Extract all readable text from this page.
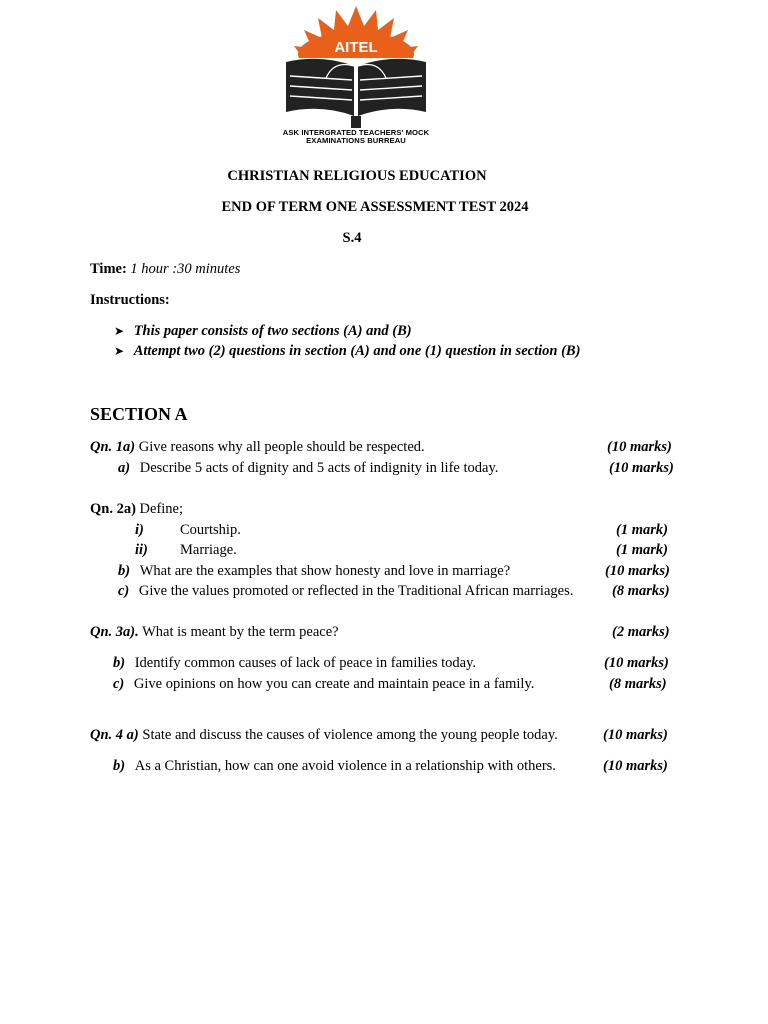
AITEL
ASK INTERGRATED TEACHERS' MOCK
EXAMINATIONS BURREAU
CHRISTIAN RELIGIOUS EDUCATION
END OF TERM ONE ASSESSMENT TEST 2024
S.4
Time: 1 hour :30 minutes
Instructions:
➤ This paper consists of two sections (A) and (B)
➤ Attempt two (2) questions in section (A) and one (1) question in section (B)
SECTION A
Qn. 1a) Give reasons why all people should be respected.	(10 marks)
a) Describe 5 acts of dignity and 5 acts of indignity in life today.	(10 marks)
Qn. 2a) Define;
i) Courtship.	(1 mark)
ii) Marriage.	(1 mark)
b) What are the examples that show honesty and love in marriage?	(10 marks)
c) Give the values promoted or reflected in the Traditional African marriages.	(8 marks)
Qn. 3a). What is meant by the term peace?	(2 marks)
b) Identify common causes of lack of peace in families today.	(10 marks)
c) Give opinions on how you can create and maintain peace in a family.	(8 marks)
Qn. 4 a) State and discuss the causes of violence among the young people today.	(10 marks)
b) As a Christian, how can one avoid violence in a relationship with others.	(10 marks)
